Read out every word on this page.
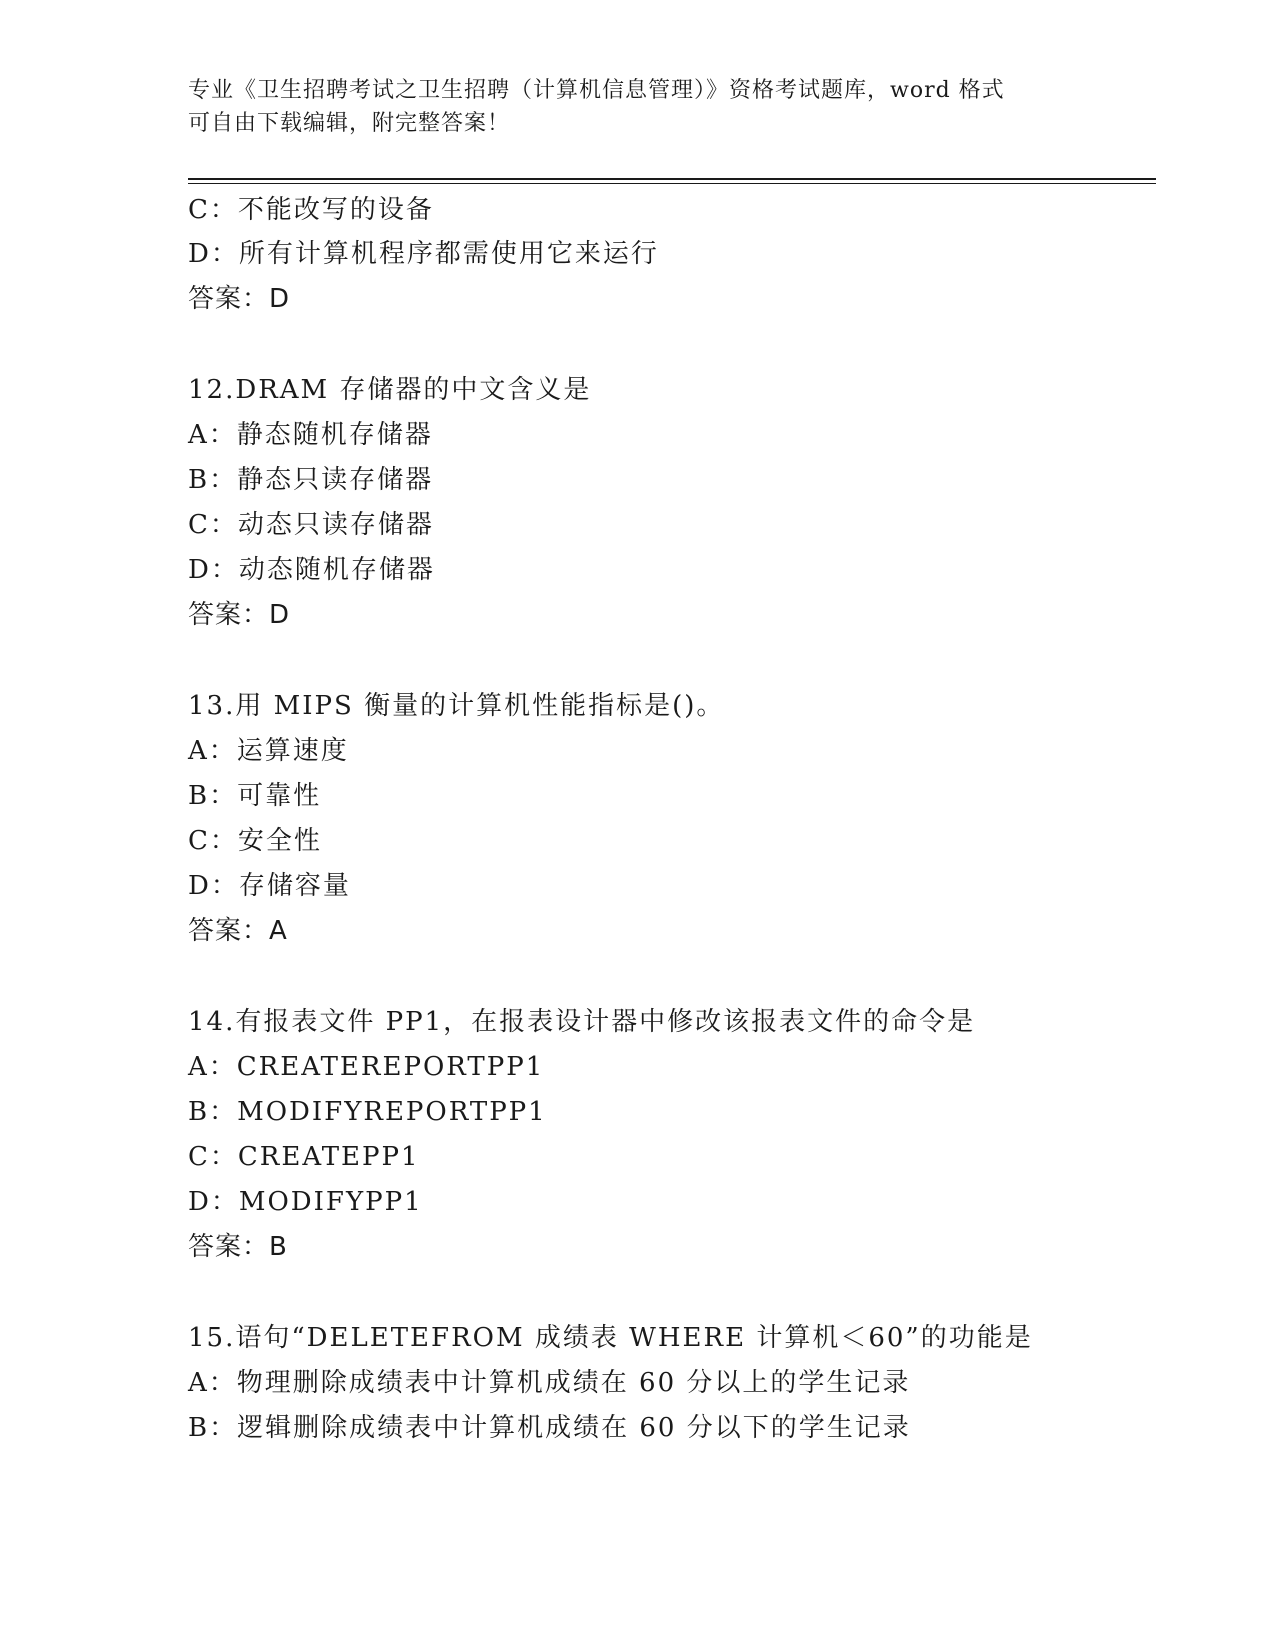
专业《卫生招聘考试之卫生招聘（计算机信息管理）》资格考试题库，word 格式
可自由下载编辑，附完整答案！
C：不能改写的设备
D：所有计算机程序都需使用它来运行
答案：D
12.DRAM 存储器的中文含义是
A：静态随机存储器
B：静态只读存储器
C：动态只读存储器
D：动态随机存储器
答案：D
13.用 MIPS 衡量的计算机性能指标是()。
A：运算速度
B：可靠性
C：安全性
D：存储容量
答案：A
14.有报表文件 PP1，在报表设计器中修改该报表文件的命令是
A：CREATEREPORTPP1
B：MODIFYREPORTPP1
C：CREATEPP1
D：MODIFYPP1
答案：B
15.语句“DELETEFROM 成绩表 WHERE 计算机＜60”的功能是
A：物理删除成绩表中计算机成绩在 60 分以上的学生记录
B：逻辑删除成绩表中计算机成绩在 60 分以下的学生记录
